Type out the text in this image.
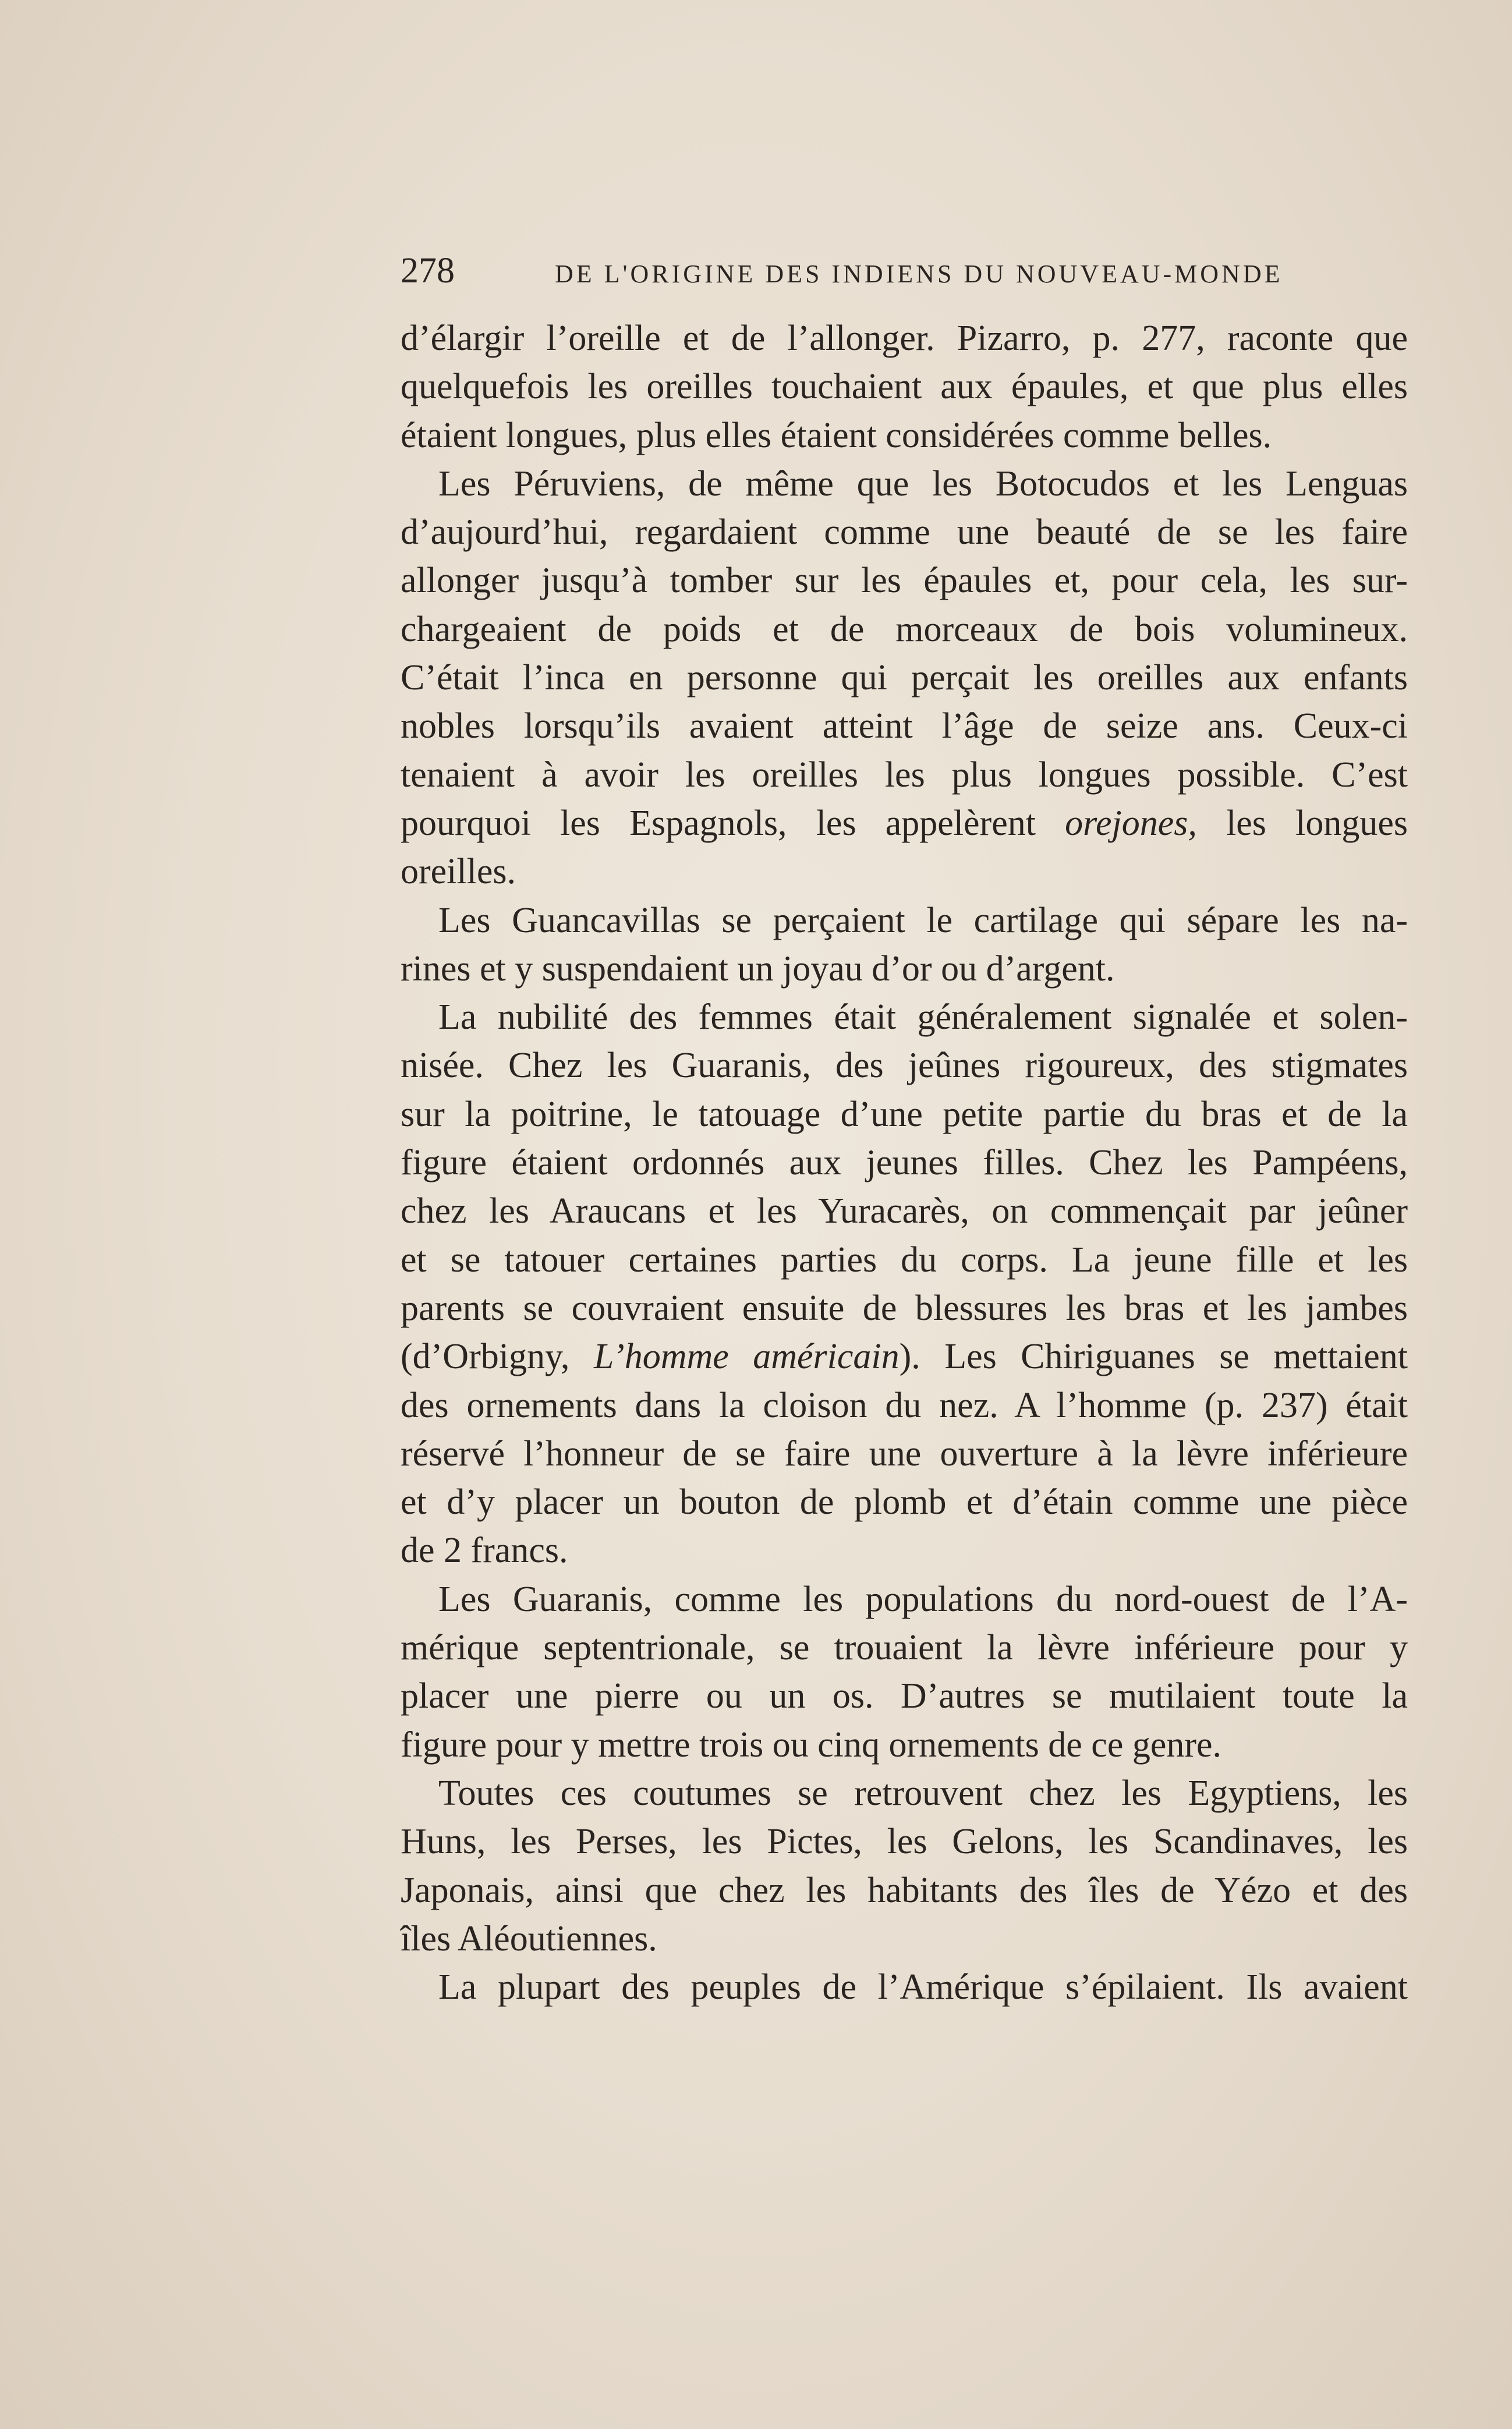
278	DE L'ORIGINE DES INDIENS DU NOUVEAU-MONDE
d’élargir l’oreille et de l’allonger. Pizarro, p. 277, raconte que
quelquefois les oreilles touchaient aux épaules, et que plus elles
étaient longues, plus elles étaient considérées comme belles.
Les Péruviens, de même que les Botocudos et les Lenguas
d’aujourd’hui, regardaient comme une beauté de se les faire
allonger jusqu’à tomber sur les épaules et, pour cela, les sur-
chargeaient de poids et de morceaux de bois volumineux.
C’était l’inca en personne qui perçait les oreilles aux enfants
nobles lorsqu’ils avaient atteint l’âge de seize ans. Ceux-ci
tenaient à avoir les oreilles les plus longues possible. C’est
pourquoi les Espagnols, les appelèrent orejones, les longues
oreilles.
Les Guancavillas se perçaient le cartilage qui sépare les na-
rines et y suspendaient un joyau d’or ou d’argent.
La nubilité des femmes était généralement signalée et solen-
nisée. Chez les Guaranis, des jeûnes rigoureux, des stigmates
sur la poitrine, le tatouage d’une petite partie du bras et de la
figure étaient ordonnés aux jeunes filles. Chez les Pampéens,
chez les Araucans et les Yuracarès, on commençait par jeûner
et se tatouer certaines parties du corps. La jeune fille et les
parents se couvraient ensuite de blessures les bras et les jambes
(d’Orbigny, L’homme américain). Les Chiriguanes se mettaient
des ornements dans la cloison du nez. A l’homme (p. 237) était
réservé l’honneur de se faire une ouverture à la lèvre inférieure
et d’y placer un bouton de plomb et d’étain comme une pièce
de 2 francs.
Les Guaranis, comme les populations du nord-ouest de l’A-
mérique septentrionale, se trouaient la lèvre inférieure pour y
placer une pierre ou un os. D’autres se mutilaient toute la
figure pour y mettre trois ou cinq ornements de ce genre.
Toutes ces coutumes se retrouvent chez les Egyptiens, les
Huns, les Perses, les Pictes, les Gelons, les Scandinaves, les
Japonais, ainsi que chez les habitants des îles de Yézo et des
îles Aléoutiennes.
La plupart des peuples de l’Amérique s’épilaient. Ils avaient
